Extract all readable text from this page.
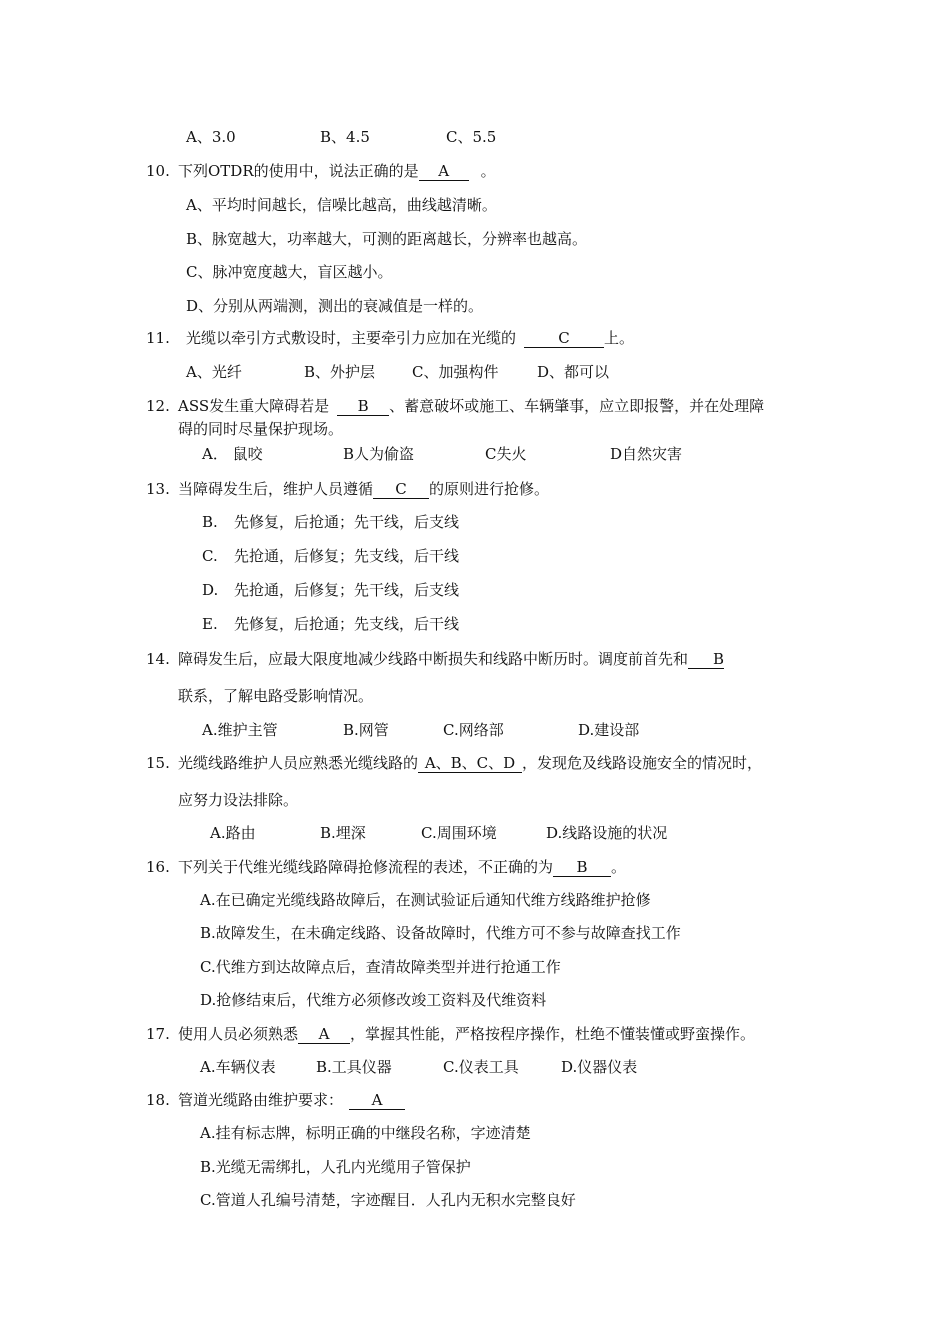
A、3.0	B、4.5	C、5.5
10. 下列OTDR的使用中，说法正确的是 A 。
A、平均时间越长，信噪比越高，曲线越清晰。
B、脉宽越大，功率越大，可测的距离越长，分辨率也越高。
C、脉冲宽度越大，盲区越小。
D、分别从两端测，测出的衰减值是一样的。
11. 光缆以牵引方式敷设时，主要牵引力应加在光缆的	C 上。
A、光纤	B、外护层 C、加强构件	D、都可以
12. ASS发生重大障碍若是 B 、蓄意破坏或施工、车辆肇事，应立即报警，并在处理障
碍的同时尽量保护现场。
A． 鼠咬	B人为偷盗	C失火	D自然灾害
13. 当障碍发生后，维护人员遵循 C 的原则进行抢修。
B. 先修复，后抢通；先干线，后支线
C. 先抢通，后修复；先支线，后干线
D. 先抢通，后修复；先干线，后支线
E. 先修复，后抢通；先支线，后干线
14. 障碍发生后，应最大限度地减少线路中断损失和线路中断历时。调度前首先和 B
联系，了解电路受影响情况。
A.维护主管	B.网管	C.网络部	D.建设部
15. 光缆线路维护人员应熟悉光缆线路的 A、B、C、D ，发现危及线路设施安全的情况时，
应努力设法排除。
A.路由	B.埋深	C.周围环境	D.线路设施的状况
16. 下列关于代维光缆线路障碍抢修流程的表述，不正确的为 B 。
A.在已确定光缆线路故障后，在测试验证后通知代维方线路维护抢修
B.故障发生，在未确定线路、设备故障时，代维方可不参与故障查找工作
C.代维方到达故障点后，查清故障类型并进行抢通工作
D.抢修结束后，代维方必须修改竣工资料及代维资料
17. 使用人员必须熟悉 A ，掌握其性能，严格按程序操作，杜绝不懂装懂或野蛮操作。
A.车辆仪表	B.工具仪器	C.仪表工具	D.仪器仪表
18. 管道光缆路由维护要求： A
A.挂有标志牌，标明正确的中继段名称，字迹清楚
B.光缆无需绑扎，人孔内光缆用子管保护
C.管道人孔编号清楚，字迹醒目．人孔内无积水完整良好
